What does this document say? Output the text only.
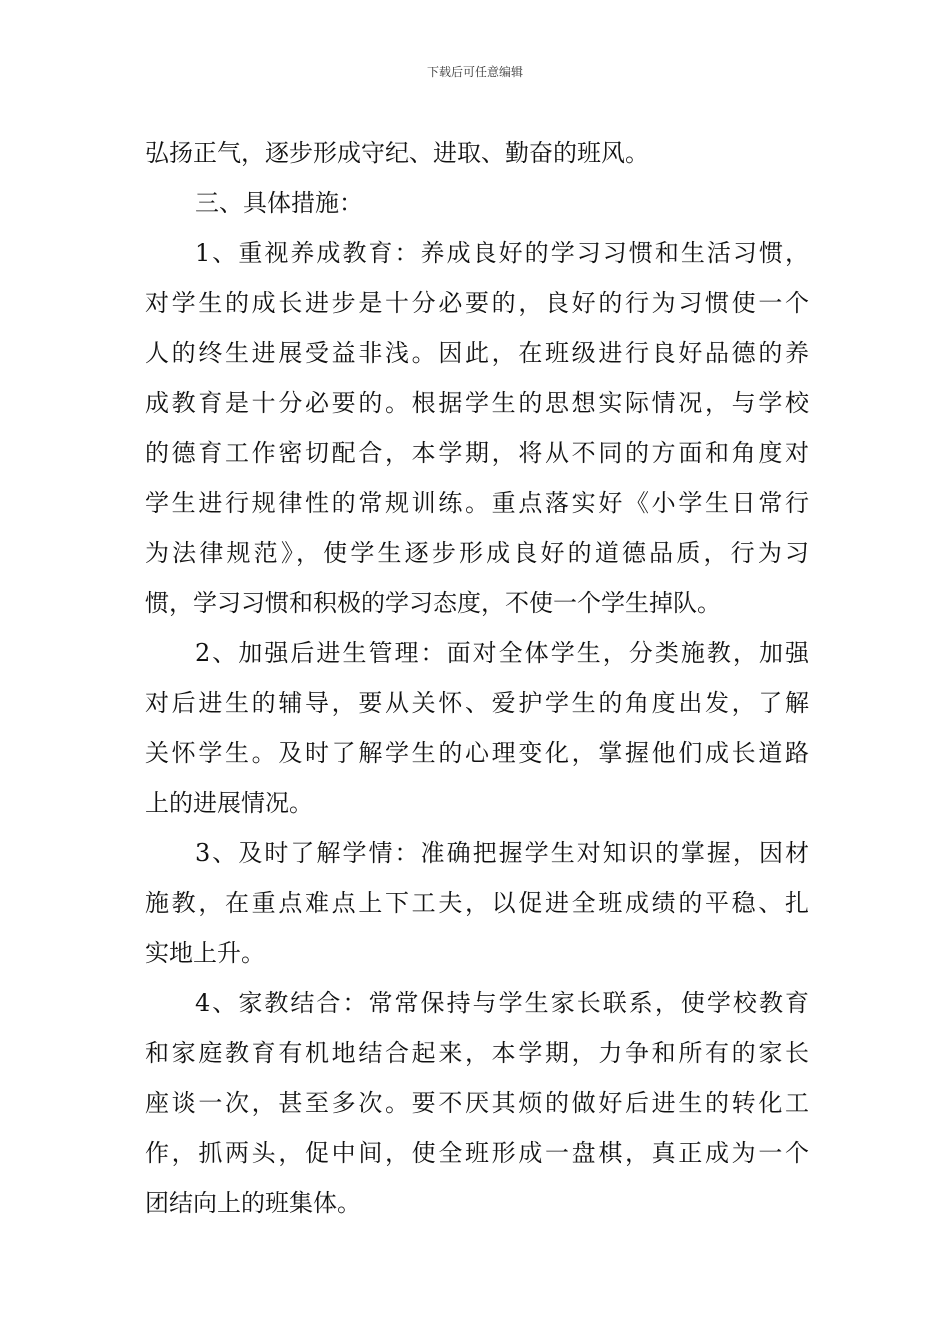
下载后可任意编辑
弘扬正气，逐步形成守纪、进取、勤奋的班风。
三、具体措施：
1、重视养成教育：养成良好的学习习惯和生活习惯，
对学生的成长进步是十分必要的，良好的行为习惯使一个
人的终生进展受益非浅。因此，在班级进行良好品德的养
成教育是十分必要的。根据学生的思想实际情况，与学校
的德育工作密切配合，本学期，将从不同的方面和角度对
学生进行规律性的常规训练。重点落实好《小学生日常行
为法律规范》，使学生逐步形成良好的道德品质，行为习
惯，学习习惯和积极的学习态度，不使一个学生掉队。
2、加强后进生管理：面对全体学生，分类施教，加强
对后进生的辅导，要从关怀、爱护学生的角度出发，了解
关怀学生。及时了解学生的心理变化，掌握他们成长道路
上的进展情况。
3、及时了解学情：准确把握学生对知识的掌握，因材
施教，在重点难点上下工夫，以促进全班成绩的平稳、扎
实地上升。
4、家教结合：常常保持与学生家长联系，使学校教育
和家庭教育有机地结合起来，本学期，力争和所有的家长
座谈一次，甚至多次。要不厌其烦的做好后进生的转化工
作，抓两头，促中间，使全班形成一盘棋，真正成为一个
团结向上的班集体。
